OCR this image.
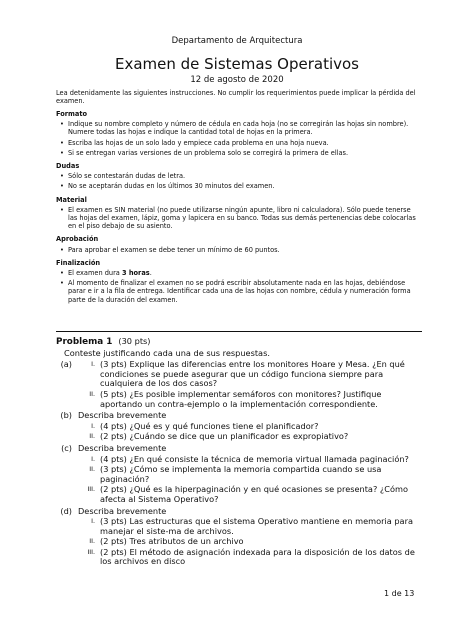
Departamento de Arquitectura
Examen de Sistemas Operativos
12 de agosto de 2020
Lea detenidamente las siguientes instrucciones. No cumplir los requerimientos puede implicar la pérdida del examen.
Formato
• Indique su nombre completo y número de cédula en cada hoja (no se corregirán las hojas sin nombre). Numere todas las hojas e indique la cantidad total de hojas en la primera.
• Escriba las hojas de un solo lado y empiece cada problema en una hoja nueva.
• Si se entregan varias versiones de un problema solo se corregirá la primera de ellas.
Dudas
• Sólo se contestarán dudas de letra.
• No se aceptarán dudas en los últimos 30 minutos del examen.
Material
• El examen es SIN material (no puede utilizarse ningún apunte, libro ni calculadora). Sólo puede tenerse las hojas del examen, lápiz, goma y lapicera en su banco. Todas sus demás pertenencias debe colocarlas en el piso debajo de su asiento.
Aprobación
• Para aprobar el examen se debe tener un mínimo de 60 puntos.
Finalización
• El examen dura 3 horas.
• Al momento de finalizar el examen no se podrá escribir absolutamente nada en las hojas, debiéndose parar e ir a la fila de entrega. Identificar cada una de las hojas con nombre, cédula y numeración forma parte de la duración del examen.
Problema 1 (30 pts)
Conteste justificando cada una de sus respuestas.
(a)	I. (3 pts) Explique las diferencias entre los monitores Hoare y Mesa. ¿En qué condiciones se puede asegurar que un código funciona siempre para cualquiera de los dos casos?
II. (5 pts) ¿Es posible implementar semáforos con monitores? Justifique aportando un contra-ejemplo o la implementación correspondiente.
(b) Describa brevemente
I. (4 pts) ¿Qué es y qué funciones tiene el planificador?
II. (2 pts) ¿Cuándo se dice que un planificador es expropiativo?
(c) Describa brevemente
I. (4 pts) ¿En qué consiste la técnica de memoria virtual llamada paginación?
II. (3 pts) ¿Cómo se implementa la memoria compartida cuando se usa paginación?
III. (2 pts) ¿Qué es la hiperpaginación y en qué ocasiones se presenta? ¿Cómo afecta al Sistema Operativo?
(d) Describa brevemente
I. (3 pts) Las estructuras que el sistema Operativo mantiene en memoria para manejar el siste-ma de archivos.
II. (2 pts) Tres atributos de un archivo
III. (2 pts) El método de asignación indexada para la disposición de los datos de los archivos en disco
1 de 13
